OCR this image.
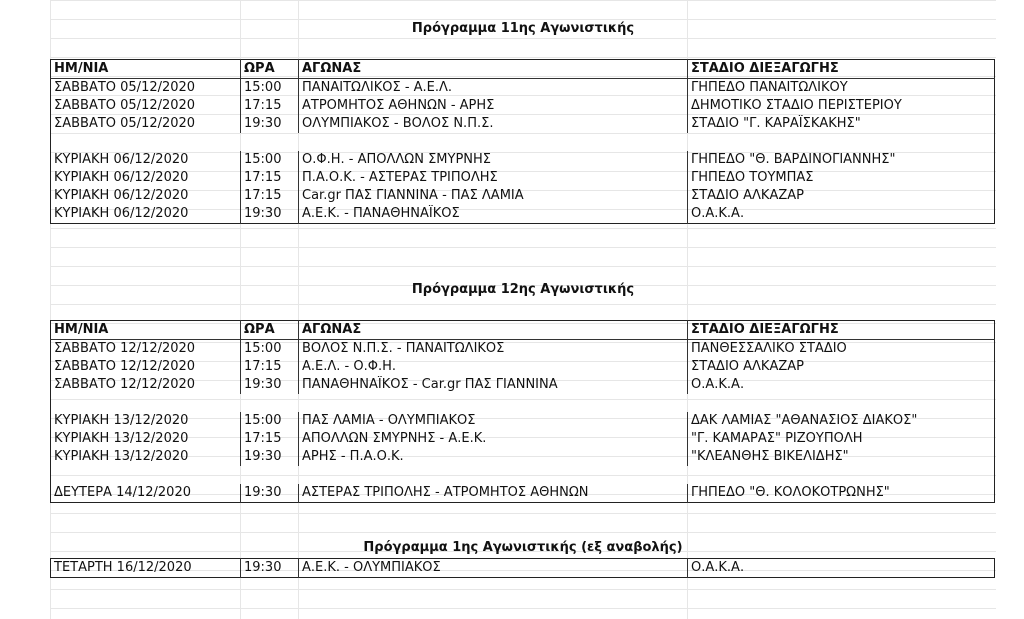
Πρόγραμμα 11ης Αγωνιστικής
ΗΜ/ΝΙΑ	ΩΡΑ	ΑΓΩΝΑΣ	ΣΤΑΔΙΟ ΔΙΕΞΑΓΩΓΗΣ
ΣΑΒΒΑΤΟ 05/12/2020	15:00	ΠΑΝΑΙΤΩΛΙΚΟΣ - Α.Ε.Λ.	ΓΗΠΕΔΟ ΠΑΝΑΙΤΩΛΙΚΟΥ
ΣΑΒΒΑΤΟ 05/12/2020	17:15	ΑΤΡΟΜΗΤΟΣ ΑΘΗΝΩΝ - ΑΡΗΣ	ΔΗΜΟΤΙΚΟ ΣΤΑΔΙΟ ΠΕΡΙΣΤΕΡΙΟΥ
ΣΑΒΒΑΤΟ 05/12/2020	19:30	ΟΛΥΜΠΙΑΚΟΣ - ΒΟΛΟΣ Ν.Π.Σ.	ΣΤΑΔΙΟ "Γ. ΚΑΡΑΪΣΚΑΚΗΣ"

ΚΥΡΙΑΚΗ 06/12/2020	15:00	Ο.Φ.Η. - ΑΠΟΛΛΩΝ ΣΜΥΡΝΗΣ	ΓΗΠΕΔΟ "Θ. ΒΑΡΔΙΝΟΓΙΑΝΝΗΣ"
ΚΥΡΙΑΚΗ 06/12/2020	17:15	Π.Α.Ο.Κ. - ΑΣΤΕΡΑΣ ΤΡΙΠΟΛΗΣ	ΓΗΠΕΔΟ ΤΟΥΜΠΑΣ
ΚΥΡΙΑΚΗ 06/12/2020	17:15	Car.gr ΠΑΣ ΓΙΑΝΝΙΝΑ - ΠΑΣ ΛΑΜΙΑ	ΣΤΑΔΙΟ ΑΛΚΑΖΑΡ
ΚΥΡΙΑΚΗ 06/12/2020	19:30	Α.Ε.Κ. - ΠΑΝΑΘΗΝΑΪΚΟΣ	Ο.Α.Κ.Α.
Πρόγραμμα 12ης Αγωνιστικής
ΗΜ/ΝΙΑ	ΩΡΑ	ΑΓΩΝΑΣ	ΣΤΑΔΙΟ ΔΙΕΞΑΓΩΓΗΣ
ΣΑΒΒΑΤΟ 12/12/2020	15:00	ΒΟΛΟΣ Ν.Π.Σ. - ΠΑΝΑΙΤΩΛΙΚΟΣ	ΠΑΝΘΕΣΣΑΛΙΚΟ ΣΤΑΔΙΟ
ΣΑΒΒΑΤΟ 12/12/2020	17:15	Α.Ε.Λ. - Ο.Φ.Η.	ΣΤΑΔΙΟ ΑΛΚΑΖΑΡ
ΣΑΒΒΑΤΟ 12/12/2020	19:30	ΠΑΝΑΘΗΝΑΪΚΟΣ - Car.gr ΠΑΣ ΓΙΑΝΝΙΝΑ	Ο.Α.Κ.Α.

ΚΥΡΙΑΚΗ 13/12/2020	15:00	ΠΑΣ ΛΑΜΙΑ - ΟΛΥΜΠΙΑΚΟΣ	ΔΑΚ ΛΑΜΙΑΣ "ΑΘΑΝΑΣΙΟΣ ΔΙΑΚΟΣ"
ΚΥΡΙΑΚΗ 13/12/2020	17:15	ΑΠΟΛΛΩΝ ΣΜΥΡΝΗΣ - Α.Ε.Κ.	"Γ. ΚΑΜΑΡΑΣ" ΡΙΖΟΥΠΟΛΗ
ΚΥΡΙΑΚΗ 13/12/2020	19:30	ΑΡΗΣ - Π.Α.Ο.Κ.	"ΚΛΕΑΝΘΗΣ ΒΙΚΕΛΙΔΗΣ"

ΔΕΥΤΕΡΑ 14/12/2020	19:30	ΑΣΤΕΡΑΣ ΤΡΙΠΟΛΗΣ - ΑΤΡΟΜΗΤΟΣ ΑΘΗΝΩΝ	ΓΗΠΕΔΟ "Θ. ΚΟΛΟΚΟΤΡΩΝΗΣ"
Πρόγραμμα 1ης Αγωνιστικής (εξ αναβολής)
ΤΕΤΑΡΤΗ 16/12/2020	19:30	Α.Ε.Κ. - ΟΛΥΜΠΙΑΚΟΣ	Ο.Α.Κ.Α.
